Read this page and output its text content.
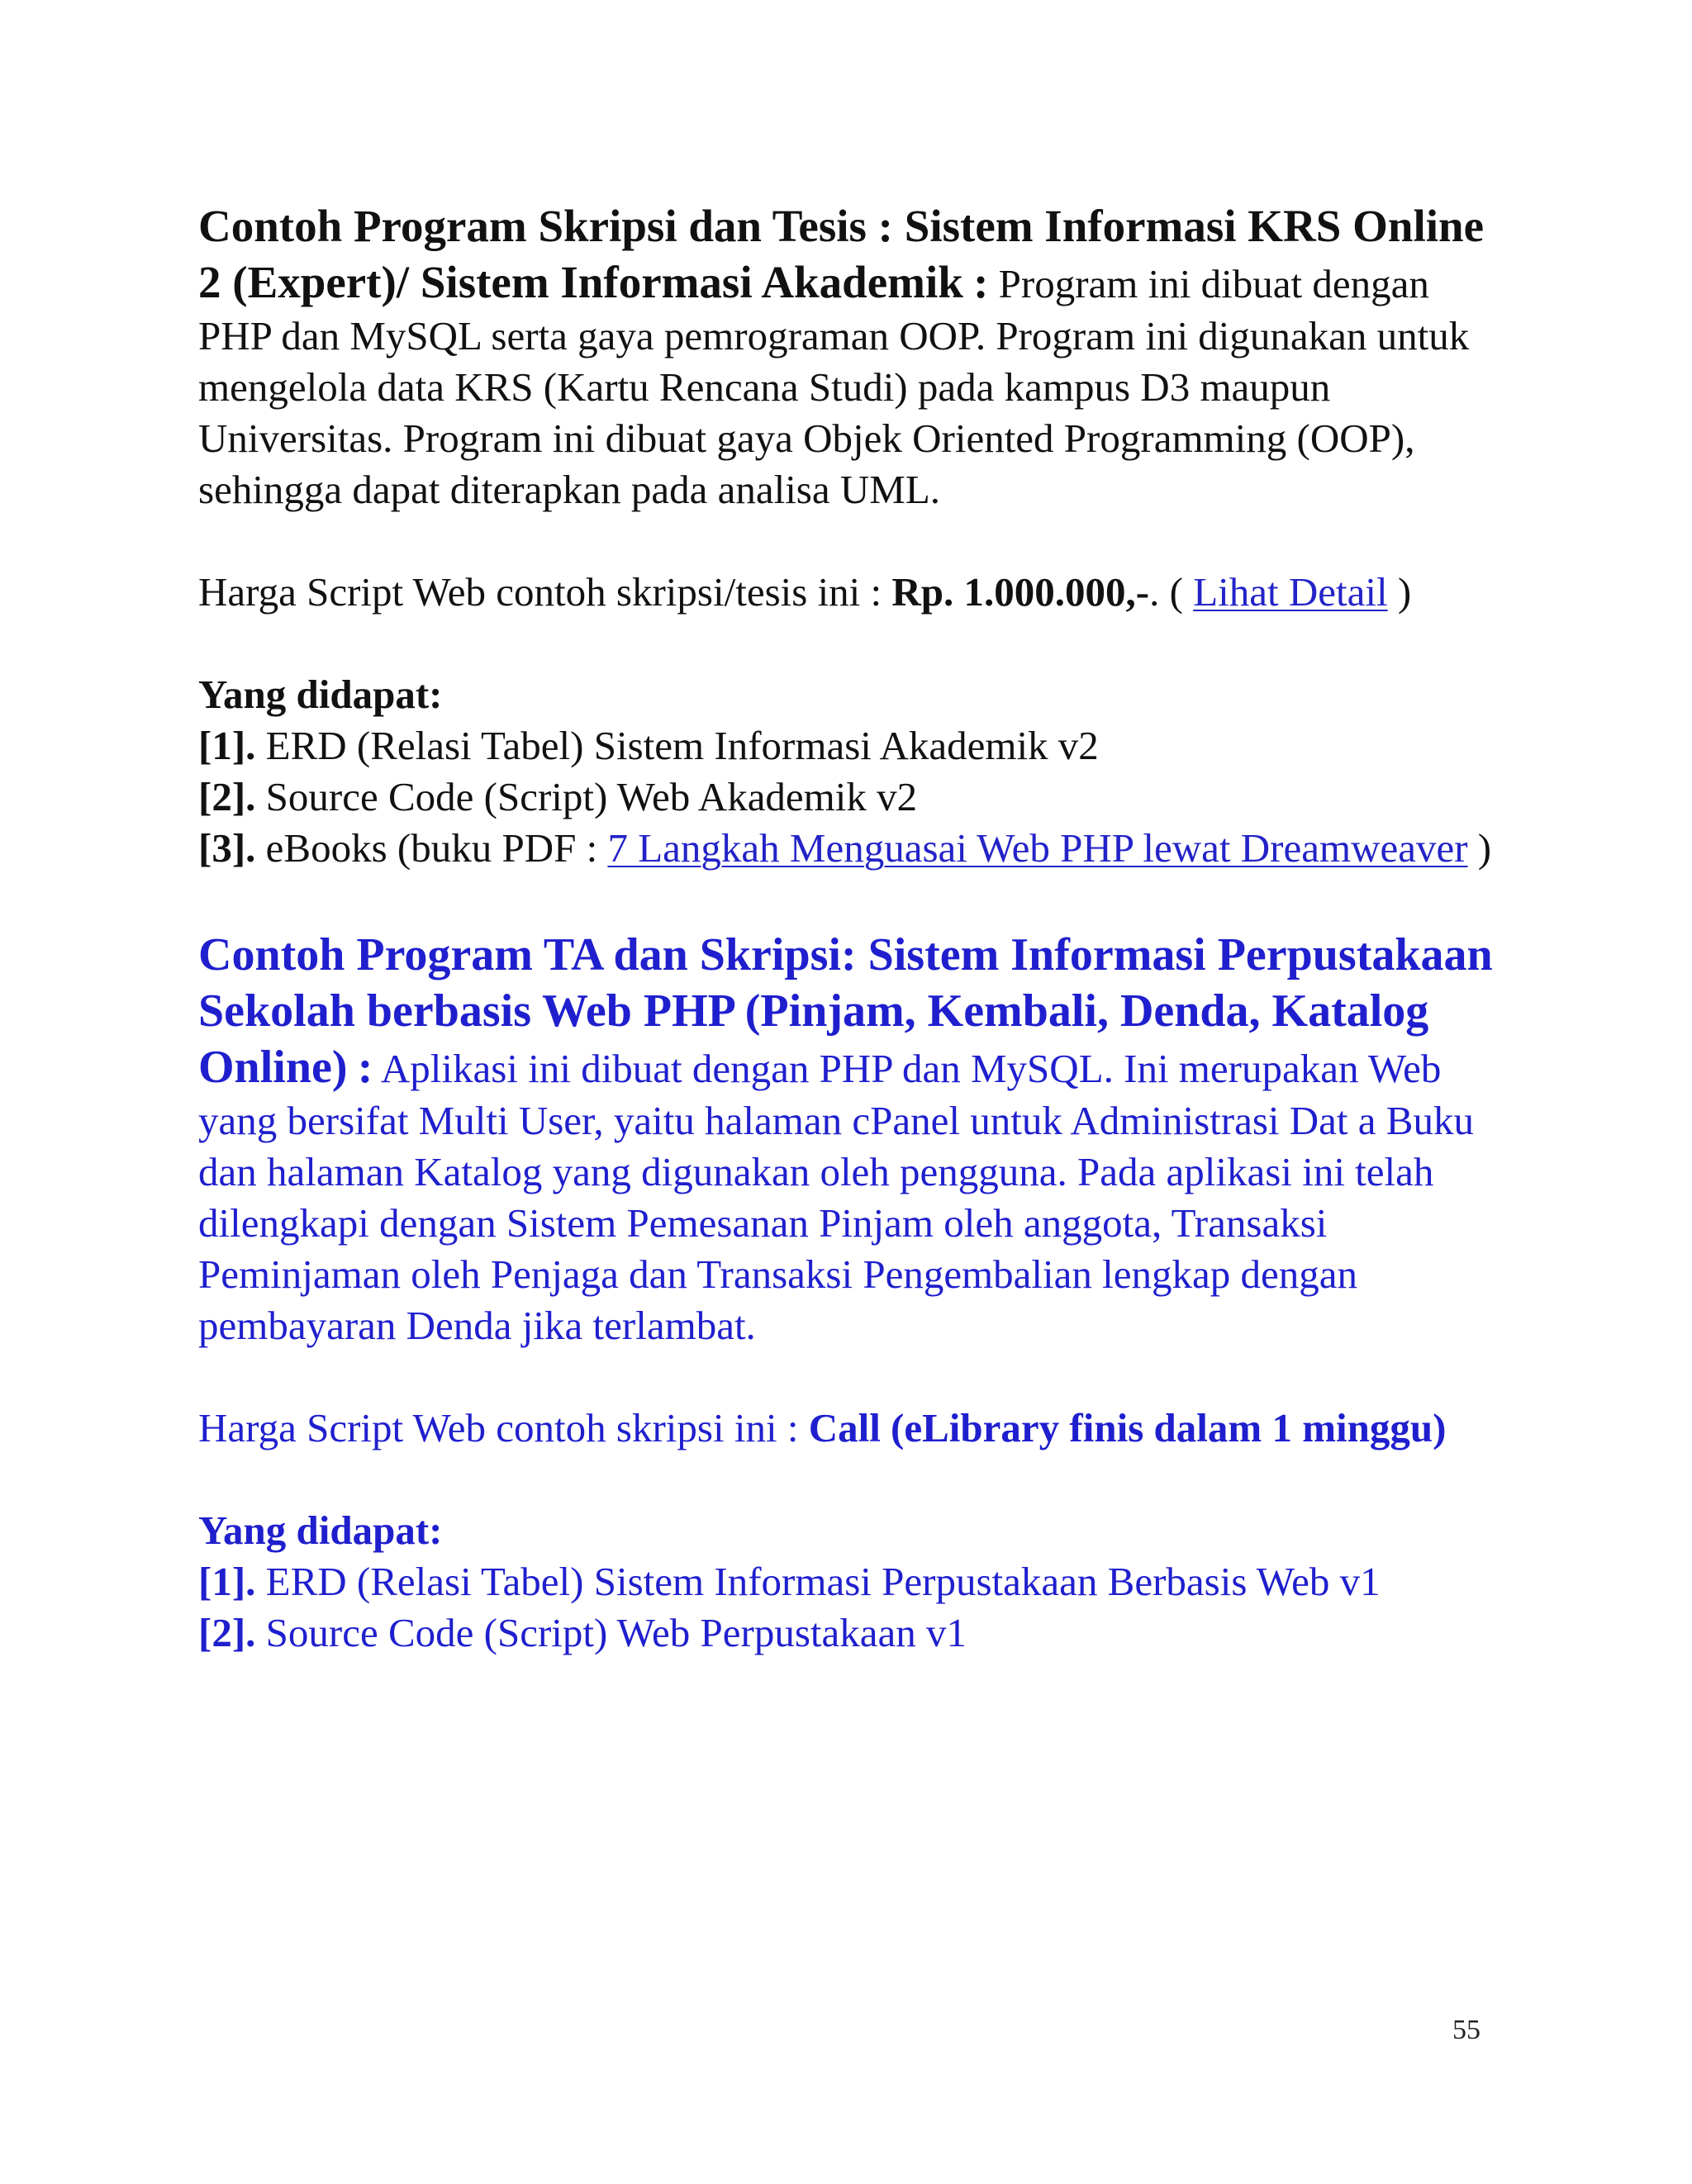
Contoh Program Skripsi dan Tesis : Sistem Informasi KRS Online 2 (Expert)/ Sistem Informasi Akademik : Program ini dibuat dengan PHP dan MySQL serta gaya pemrograman OOP. Program ini digunakan untuk mengelola data KRS (Kartu Rencana Studi) pada kampus D3 maupun Universitas. Program ini dibuat gaya Objek Oriented Programming (OOP), sehingga dapat diterapkan pada analisa UML.

Harga Script Web contoh skripsi/tesis ini : Rp. 1.000.000,-. ( Lihat Detail )

Yang didapat:

[1]. ERD (Relasi Tabel) Sistem Informasi Akademik v2

[2]. Source Code (Script) Web Akademik v2

[3]. eBooks (buku PDF : 7 Langkah Menguasai Web PHP lewat Dreamweaver )

Contoh Program TA dan Skripsi: Sistem Informasi Perpustakaan Sekolah berbasis Web PHP (Pinjam, Kembali, Denda, Katalog Online) : Aplikasi ini dibuat dengan PHP dan MySQL. Ini merupakan Web yang bersifat Multi User, yaitu halaman cPanel untuk Administrasi Dat a Buku dan halaman Katalog yang digunakan oleh pengguna. Pada aplikasi ini telah dilengkapi dengan Sistem Pemesanan Pinjam oleh anggota, Transaksi Peminjaman oleh Penjaga dan Transaksi Pengembalian lengkap dengan pembayaran Denda jika terlambat.

Harga Script Web contoh skripsi ini : Call (eLibrary finis dalam 1 minggu)

Yang didapat:

[1]. ERD (Relasi Tabel) Sistem Informasi Perpustakaan Berbasis Web v1

[2]. Source Code (Script) Web Perpustakaan v1

55
